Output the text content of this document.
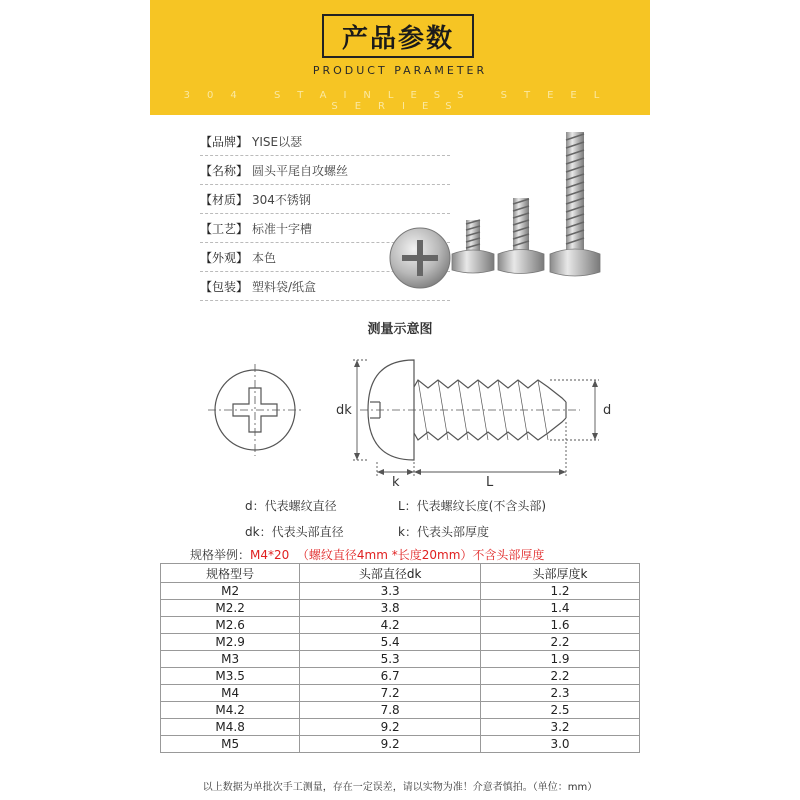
产品参数
PRODUCT PARAMETER
304 STAINLESS STEEL SERIES
【品牌】 YISE以瑟
【名称】 圆头平尾自攻螺丝
【材质】 304不锈钢
【工艺】 标准十字槽
【外观】 本色
【包装】 塑料袋/纸盒
测量示意图
dk	d
k	L
d：代表螺纹直径	L：代表螺纹长度(不含头部)
dk：代表头部直径	k：代表头部厚度
规格举例：M4*20 （螺纹直径4mm *长度20mm）不含头部厚度
规格型号	头部直径dk	头部厚度k
M2	3.3	1.2
M2.2	3.8	1.4
M2.6	4.2	1.6
M2.9	5.4	2.2
M3	5.3	1.9
M3.5	6.7	2.2
M4	7.2	2.3
M4.2	7.8	2.5
M4.8	9.2	3.2
M5	9.2	3.0
以上数据为单批次手工测量，存在一定误差，请以实物为准！介意者慎拍。（单位：mm）
